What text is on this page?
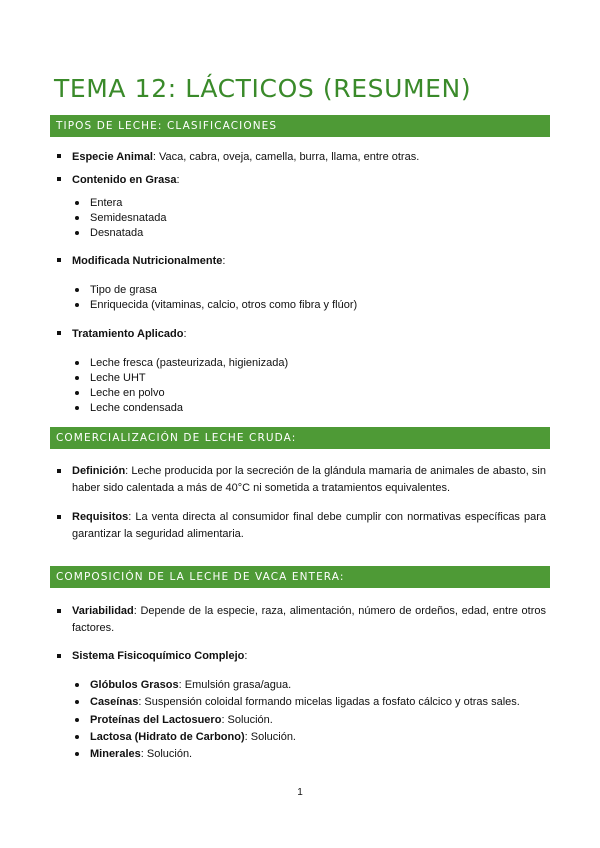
TEMA 12: LÁCTICOS (RESUMEN)
TIPOS DE LECHE: CLASIFICACIONES
Especie Animal: Vaca, cabra, oveja, camella, burra, llama, entre otras.
Contenido en Grasa:
Entera
Semidesnatada
Desnatada
Modificada Nutricionalmente:
Tipo de grasa
Enriquecida (vitaminas, calcio, otros como fibra y flúor)
Tratamiento Aplicado:
Leche fresca (pasteurizada, higienizada)
Leche UHT
Leche en polvo
Leche condensada
COMERCIALIZACIÓN DE LECHE CRUDA:
Definición: Leche producida por la secreción de la glándula mamaria de animales de abasto, sin haber sido calentada a más de 40°C ni sometida a tratamientos equivalentes.
Requisitos: La venta directa al consumidor final debe cumplir con normativas específicas para garantizar la seguridad alimentaria.
COMPOSICIÓN DE LA LECHE DE VACA ENTERA:
Variabilidad: Depende de la especie, raza, alimentación, número de ordeños, edad, entre otros factores.
Sistema Fisicoquímico Complejo:
Glóbulos Grasos: Emulsión grasa/agua.
Caseínas: Suspensión coloidal formando micelas ligadas a fosfato cálcico y otras sales.
Proteínas del Lactosuero: Solución.
Lactosa (Hidrato de Carbono): Solución.
Minerales: Solución.
1
